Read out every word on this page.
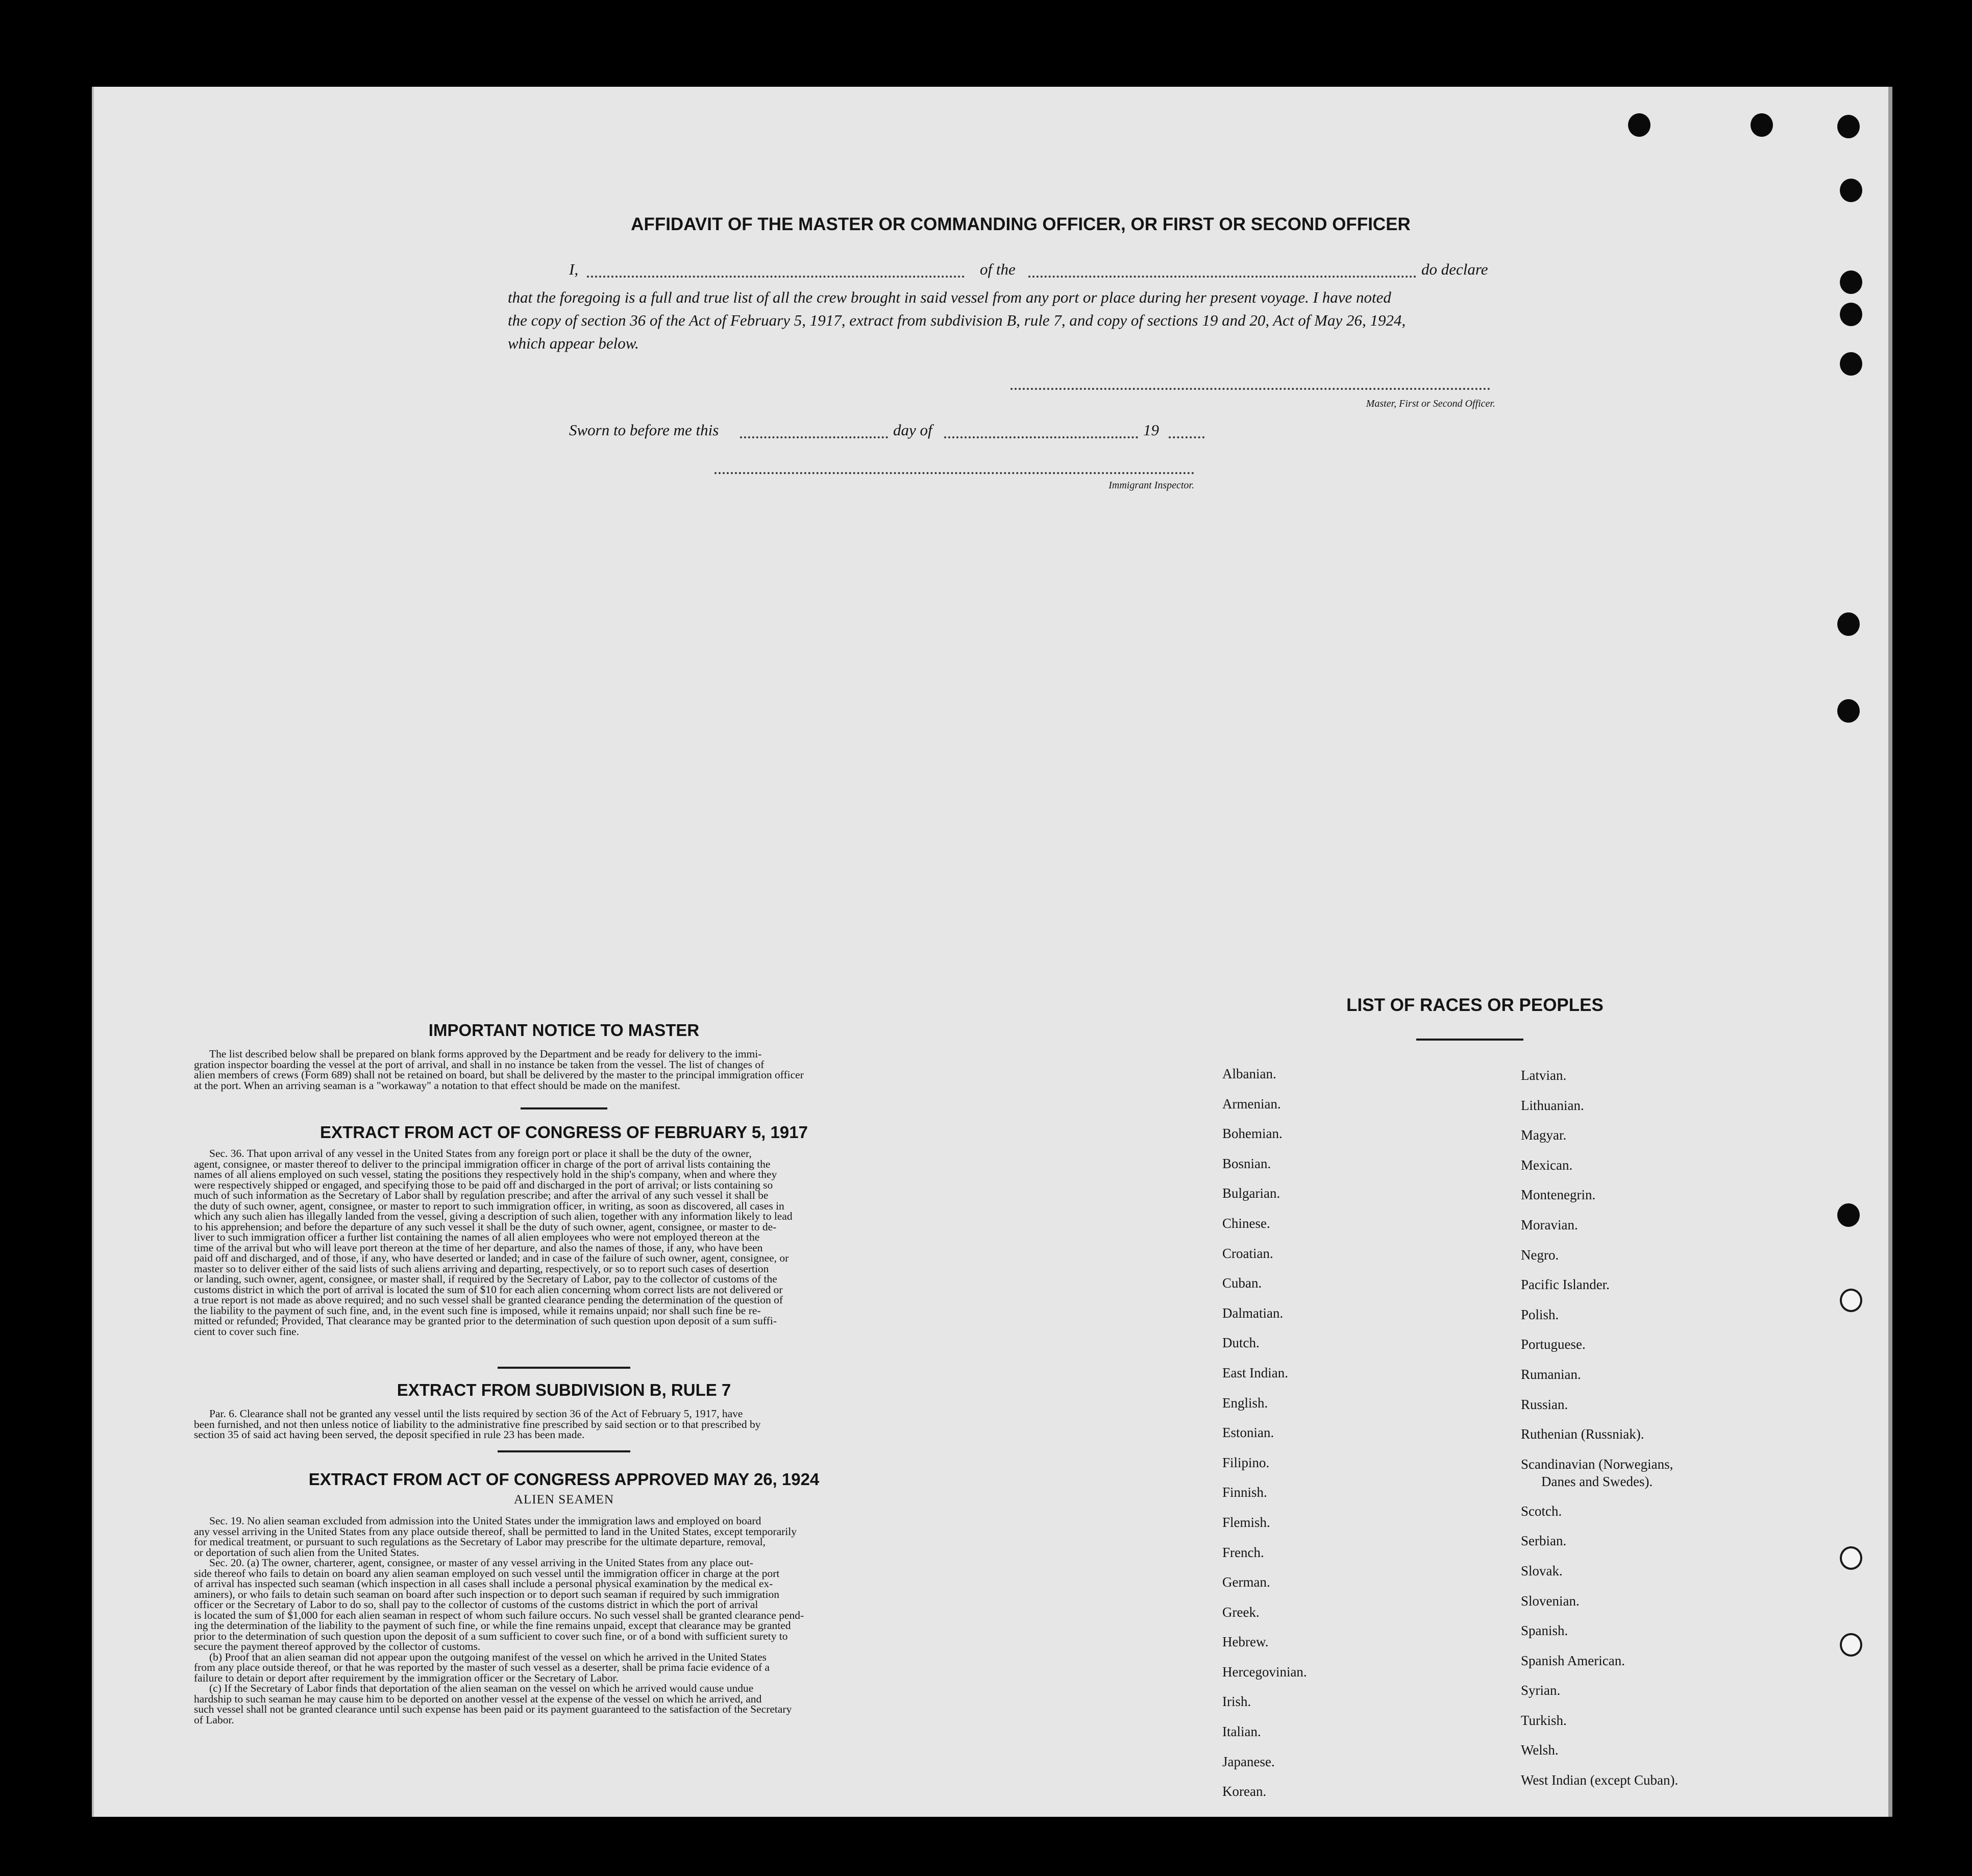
AFFIDAVIT OF THE MASTER OR COMMANDING OFFICER, OR FIRST OR SECOND OFFICER
I,	of the	do declare
that the foregoing is a full and true list of all the crew brought in said vessel from any port or place during her present voyage. I have noted
the copy of section 36 of the Act of February 5, 1917, extract from subdivision B, rule 7, and copy of sections 19 and 20, Act of May 26, 1924,
which appear below.
Master, First or Second Officer.
Sworn to before me this	day of	19
Immigrant Inspector.
IMPORTANT NOTICE TO MASTER
The list described below shall be prepared on blank forms approved by the Department and be ready for delivery to the immi-
gration inspector boarding the vessel at the port of arrival, and shall in no instance be taken from the vessel. The list of changes of
alien members of crews (Form 689) shall not be retained on board, but shall be delivered by the master to the principal immigration officer
at the port. When an arriving seaman is a "workaway" a notation to that effect should be made on the manifest.
EXTRACT FROM ACT OF CONGRESS OF FEBRUARY 5, 1917
Sec. 36. That upon arrival of any vessel in the United States from any foreign port or place it shall be the duty of the owner,
agent, consignee, or master thereof to deliver to the principal immigration officer in charge of the port of arrival lists containing the
names of all aliens employed on such vessel, stating the positions they respectively hold in the ship's company, when and where they
were respectively shipped or engaged, and specifying those to be paid off and discharged in the port of arrival; or lists containing so
much of such information as the Secretary of Labor shall by regulation prescribe; and after the arrival of any such vessel it shall be
the duty of such owner, agent, consignee, or master to report to such immigration officer, in writing, as soon as discovered, all cases in
which any such alien has illegally landed from the vessel, giving a description of such alien, together with any information likely to lead
to his apprehension; and before the departure of any such vessel it shall be the duty of such owner, agent, consignee, or master to de-
liver to such immigration officer a further list containing the names of all alien employees who were not employed thereon at the
time of the arrival but who will leave port thereon at the time of her departure, and also the names of those, if any, who have been
paid off and discharged, and of those, if any, who have deserted or landed; and in case of the failure of such owner, agent, consignee, or
master so to deliver either of the said lists of such aliens arriving and departing, respectively, or so to report such cases of desertion
or landing, such owner, agent, consignee, or master shall, if required by the Secretary of Labor, pay to the collector of customs of the
customs district in which the port of arrival is located the sum of $10 for each alien concerning whom correct lists are not delivered or
a true report is not made as above required; and no such vessel shall be granted clearance pending the determination of the question of
the liability to the payment of such fine, and, in the event such fine is imposed, while it remains unpaid; nor shall such fine be re-
mitted or refunded; Provided, That clearance may be granted prior to the determination of such question upon deposit of a sum suffi-
cient to cover such fine.
EXTRACT FROM SUBDIVISION B, RULE 7
Par. 6. Clearance shall not be granted any vessel until the lists required by section 36 of the Act of February 5, 1917, have
been furnished, and not then unless notice of liability to the administrative fine prescribed by said section or to that prescribed by
section 35 of said act having been served, the deposit specified in rule 23 has been made.
EXTRACT FROM ACT OF CONGRESS APPROVED MAY 26, 1924
ALIEN SEAMEN
Sec. 19. No alien seaman excluded from admission into the United States under the immigration laws and employed on board
any vessel arriving in the United States from any place outside thereof, shall be permitted to land in the United States, except temporarily
for medical treatment, or pursuant to such regulations as the Secretary of Labor may prescribe for the ultimate departure, removal,
or deportation of such alien from the United States.
Sec. 20. (a) The owner, charterer, agent, consignee, or master of any vessel arriving in the United States from any place out-
side thereof who fails to detain on board any alien seaman employed on such vessel until the immigration officer in charge at the port
of arrival has inspected such seaman (which inspection in all cases shall include a personal physical examination by the medical ex-
aminers), or who fails to detain such seaman on board after such inspection or to deport such seaman if required by such immigration
officer or the Secretary of Labor to do so, shall pay to the collector of customs of the customs district in which the port of arrival
is located the sum of $1,000 for each alien seaman in respect of whom such failure occurs. No such vessel shall be granted clearance pend-
ing the determination of the liability to the payment of such fine, or while the fine remains unpaid, except that clearance may be granted
prior to the determination of such question upon the deposit of a sum sufficient to cover such fine, or of a bond with sufficient surety to
secure the payment thereof approved by the collector of customs.
(b) Proof that an alien seaman did not appear upon the outgoing manifest of the vessel on which he arrived in the United States
from any place outside thereof, or that he was reported by the master of such vessel as a deserter, shall be prima facie evidence of a
failure to detain or deport after requirement by the immigration officer or the Secretary of Labor.
(c) If the Secretary of Labor finds that deportation of the alien seaman on the vessel on which he arrived would cause undue
hardship to such seaman he may cause him to be deported on another vessel at the expense of the vessel on which he arrived, and
such vessel shall not be granted clearance until such expense has been paid or its payment guaranteed to the satisfaction of the Secretary
of Labor.
LIST OF RACES OR PEOPLES
Albanian.
Armenian.
Bohemian.
Bosnian.
Bulgarian.
Chinese.
Croatian.
Cuban.
Dalmatian.
Dutch.
East Indian.
English.
Estonian.
Filipino.
Finnish.
Flemish.
French.
German.
Greek.
Hebrew.
Hercegovinian.
Irish.
Italian.
Japanese.
Korean.
Latvian.
Lithuanian.
Magyar.
Mexican.
Montenegrin.
Moravian.
Negro.
Pacific Islander.
Polish.
Portuguese.
Rumanian.
Russian.
Ruthenian (Russniak).
Scandinavian (Norwegians,
Danes and Swedes).
Scotch.
Serbian.
Slovak.
Slovenian.
Spanish.
Spanish American.
Syrian.
Turkish.
Welsh.
West Indian (except Cuban).
